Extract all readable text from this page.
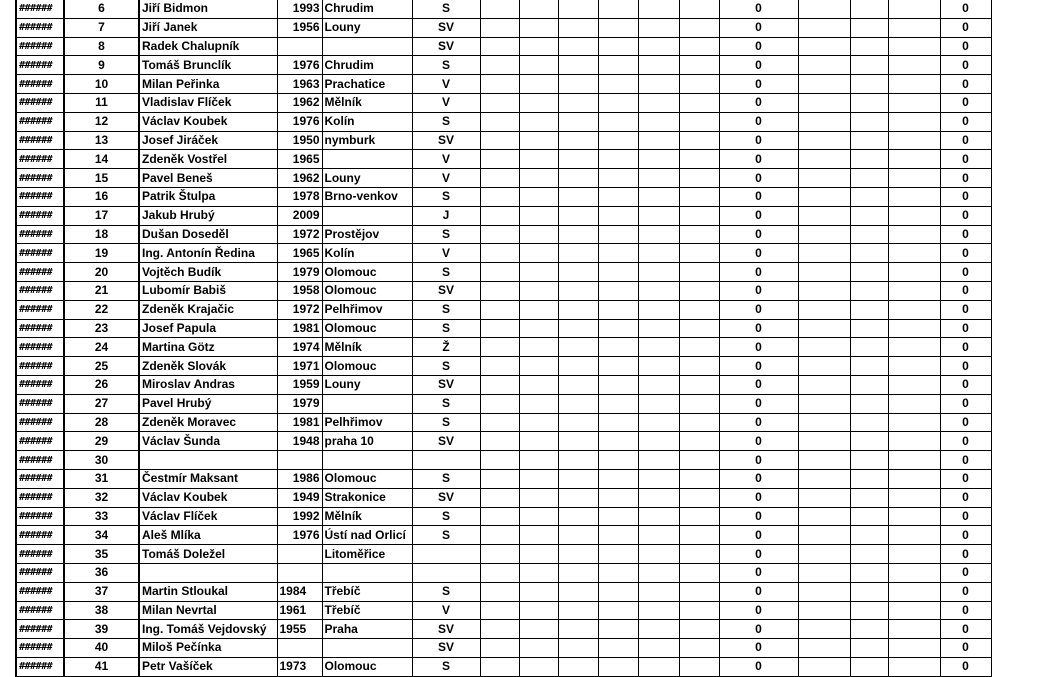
######	6	Jiří Bidmon	1993	Chrudim	S							0				0
######	7	Jiří Janek	1956	Louny	SV							0				0
######	8	Radek Chalupník			SV							0				0
######	9	Tomáš Brunclík	1976	Chrudim	S							0				0
######	10	Milan Peřinka	1963	Prachatice	V							0				0
######	11	Vladislav Flíček	1962	Mělník	V							0				0
######	12	Václav Koubek	1976	Kolín	S							0				0
######	13	Josef Jiráček	1950	nymburk	SV							0				0
######	14	Zdeněk Vostřel	1965		V							0				0
######	15	Pavel Beneš	1962	Louny	V							0				0
######	16	Patrik Štulpa	1978	Brno-venkov	S							0				0
######	17	Jakub Hrubý	2009		J							0				0
######	18	Dušan Doseděl	1972	Prostějov	S							0				0
######	19	Ing. Antonín Ředina	1965	Kolín	V							0				0
######	20	Vojtěch Budík	1979	Olomouc	S							0				0
######	21	Lubomír Babiš	1958	Olomouc	SV							0				0
######	22	Zdeněk Krajačic	1972	Pelhřimov	S							0				0
######	23	Josef Papula	1981	Olomouc	S							0				0
######	24	Martina Götz	1974	Mělník	Ž							0				0
######	25	Zdeněk Slovák	1971	Olomouc	S							0				0
######	26	Miroslav Andras	1959	Louny	SV							0				0
######	27	Pavel Hrubý	1979		S							0				0
######	28	Zdeněk Moravec	1981	Pelhřimov	S							0				0
######	29	Václav Šunda	1948	praha 10	SV							0				0
######	30											0				0
######	31	Čestmír Maksant	1986	Olomouc	S							0				0
######	32	Václav Koubek	1949	Strakonice	SV							0				0
######	33	Václav Flíček	1992	Mělník	S							0				0
######	34	Aleš Mlíka	1976	Ústí nad Orlicí	S							0				0
######	35	Tomáš Doležel		Litoměřice								0				0
######	36											0				0
######	37	Martin Stloukal	1984	Třebíč	S							0				0
######	38	Milan Nevrtal	1961	Třebíč	V							0				0
######	39	Ing. Tomáš Vejdovský	1955	Praha	SV							0				0
######	40	Miloš Pečínka			SV							0				0
######	41	Petr Vašíček	1973	Olomouc	S							0				0
